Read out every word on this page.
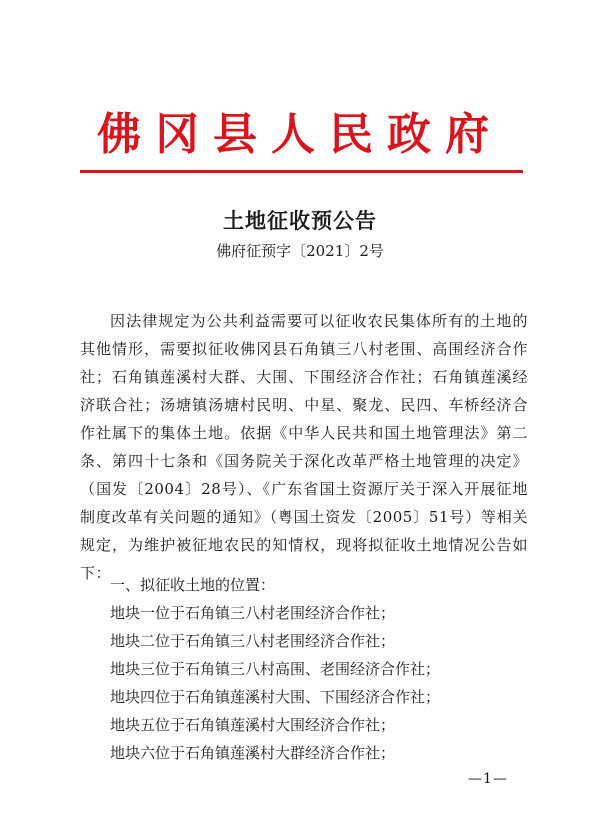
佛冈县人民政府
土地征收预公告
佛府征预字〔2021〕2号

因法律规定为公共利益需要可以征收农民集体所有的土地的其他情形，需要拟征收佛冈县石角镇三八村老围、高围经济合作社；石角镇莲溪村大群、大围、下围经济合作社；石角镇莲溪经济联合社；汤塘镇汤塘村民明、中星、聚龙、民四、车桥经济合作社属下的集体土地。依据《中华人民共和国土地管理法》第二条、第四十七条和《国务院关于深化改革严格土地管理的决定》（国发〔2004〕28号）、《广东省国土资源厅关于深入开展征地制度改革有关问题的通知》（粤国土资发〔2005〕51号）等相关规定，为维护被征地农民的知情权，现将拟征收土地情况公告如下：

一、拟征收土地的位置：
地块一位于石角镇三八村老围经济合作社；
地块二位于石角镇三八村老围经济合作社；
地块三位于石角镇三八村高围、老围经济合作社；
地块四位于石角镇莲溪村大围、下围经济合作社；
地块五位于石角镇莲溪村大围经济合作社；
地块六位于石角镇莲溪村大群经济合作社；
—1—
